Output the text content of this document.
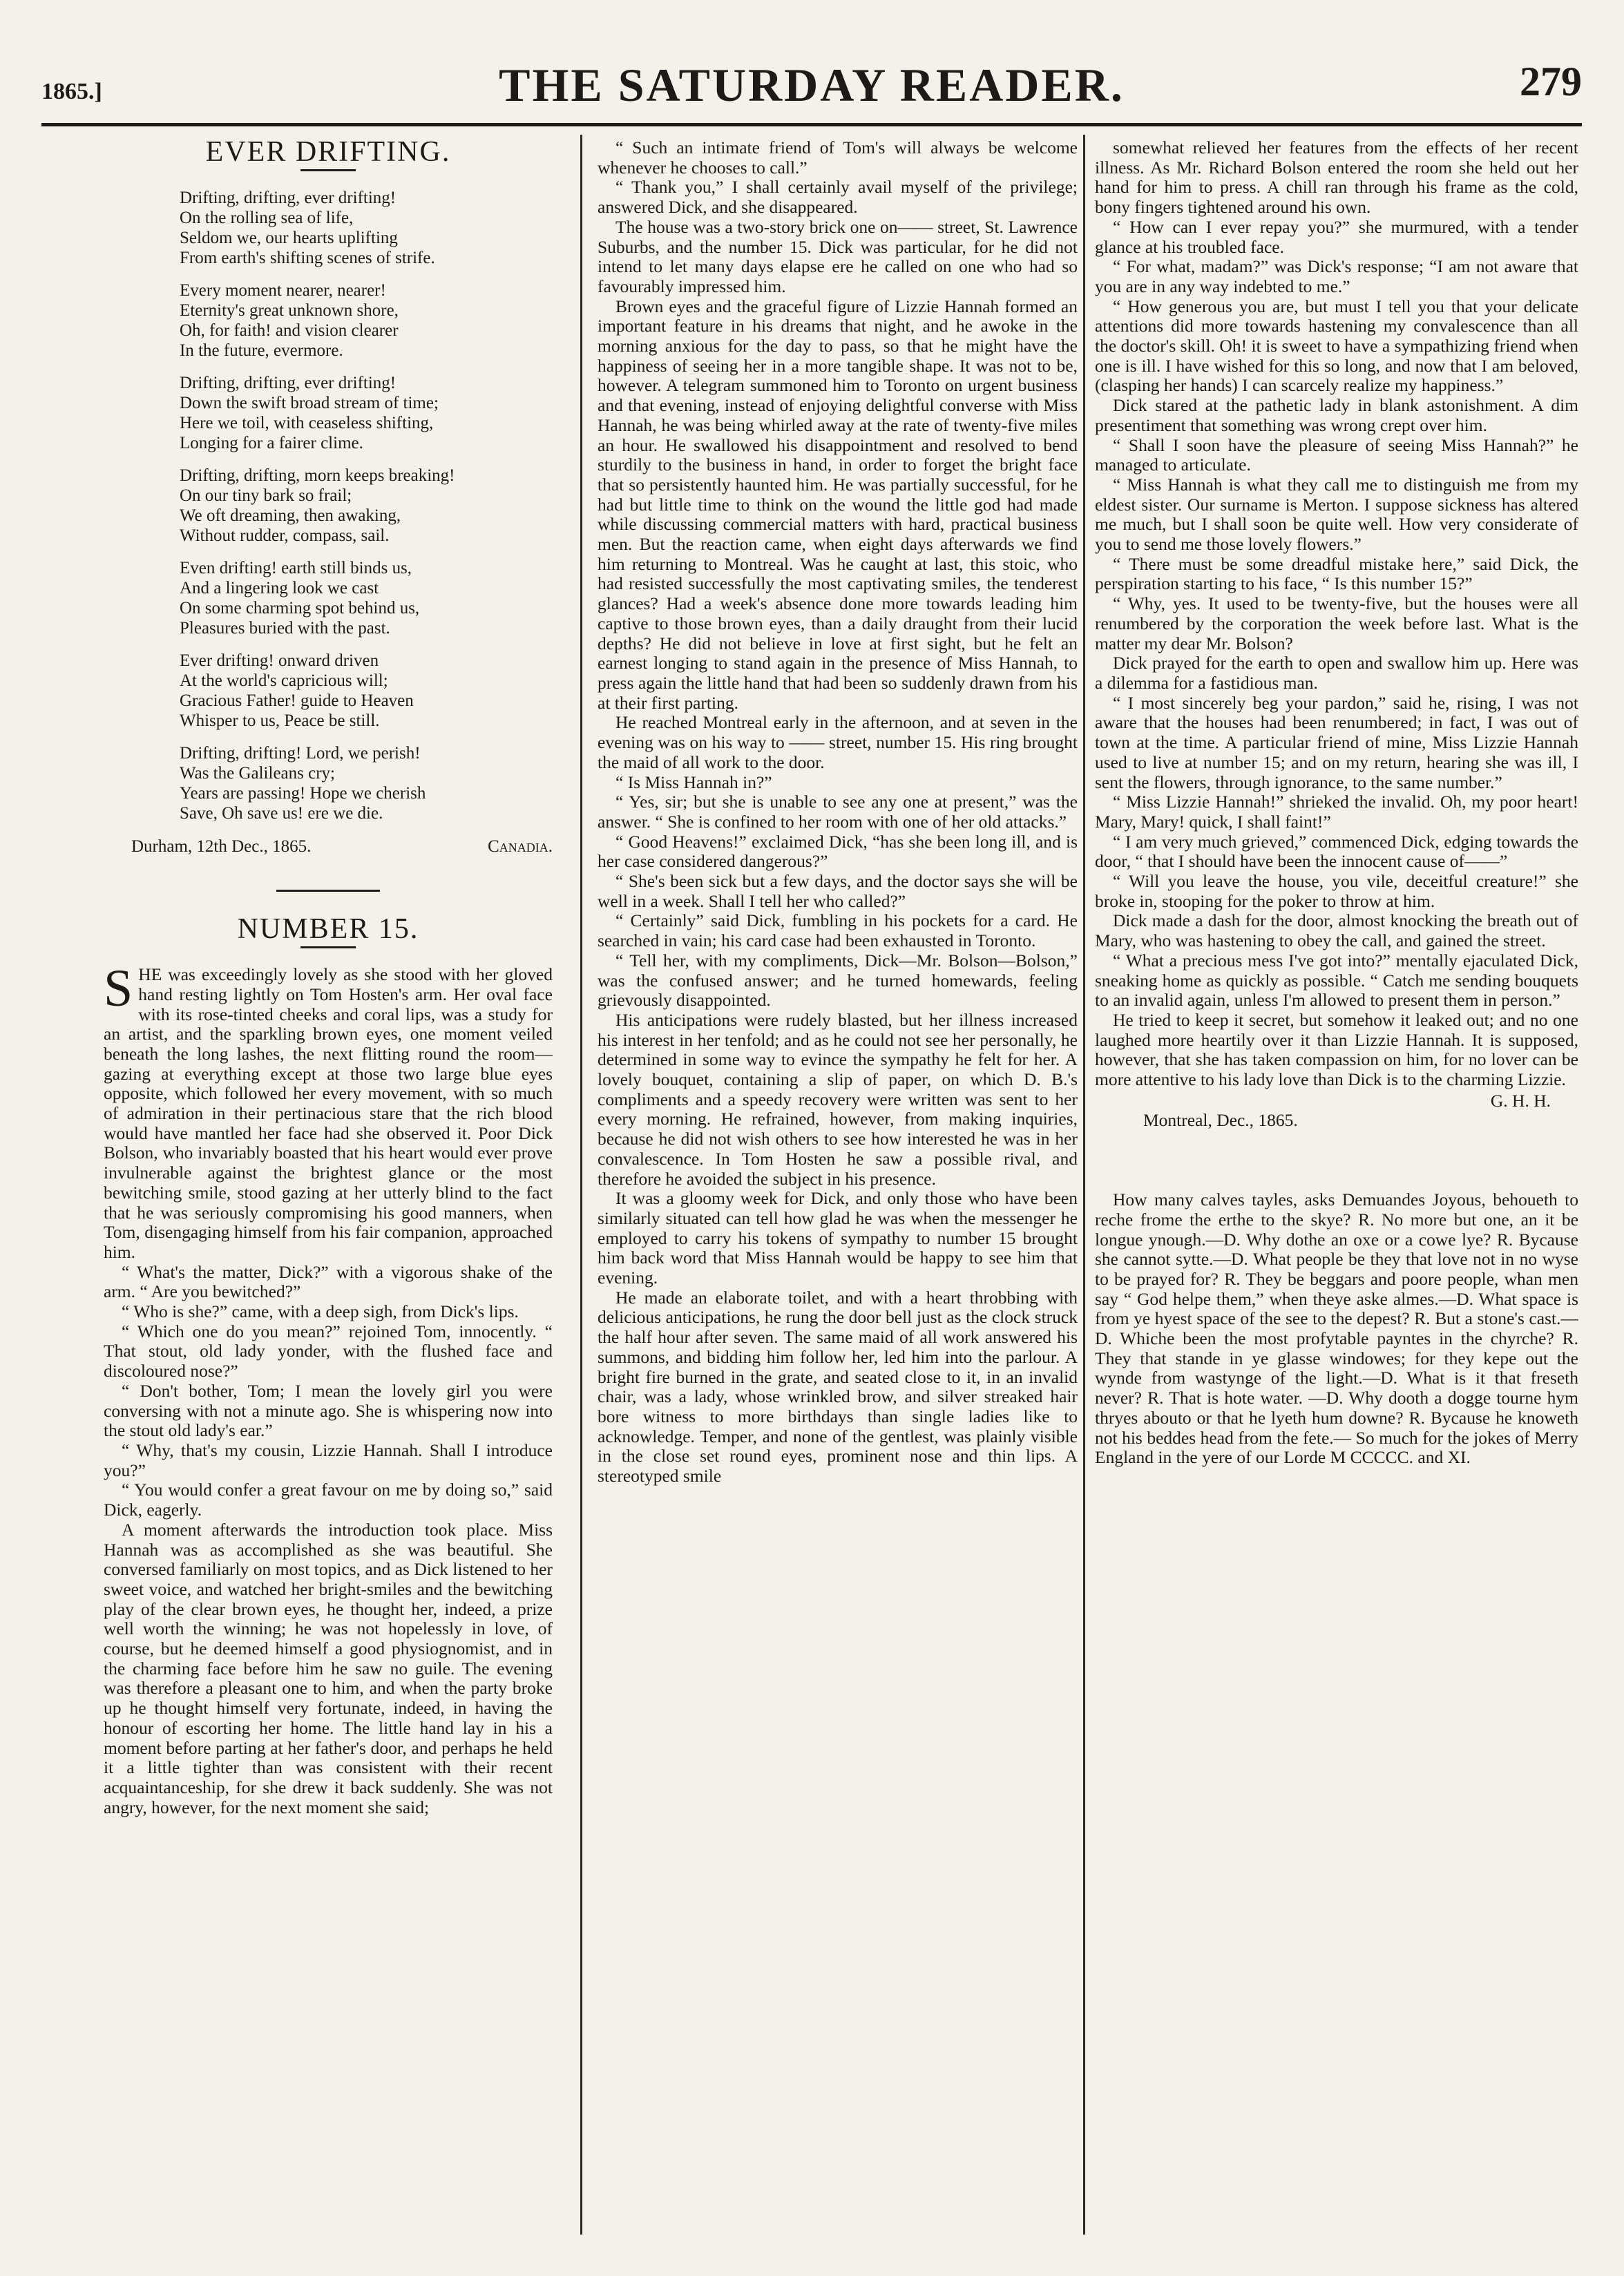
1865.]	THE SATURDAY READER.	279
EVER DRIFTING.
Drifting, drifting, ever drifting!
On the rolling sea of life,
Seldom we, our hearts uplifting
From earth's shifting scenes of strife.
Every moment nearer, nearer!
Eternity's great unknown shore,
Oh, for faith! and vision clearer
In the future, evermore.
Drifting, drifting, ever drifting!
Down the swift broad stream of time;
Here we toil, with ceaseless shifting,
Longing for a fairer clime.
Drifting, drifting, morn keeps breaking!
On our tiny bark so frail;
We oft dreaming, then awaking,
Without rudder, compass, sail.
Even drifting! earth still binds us,
And a lingering look we cast
On some charming spot behind us,
Pleasures buried with the past.
Ever drifting! onward driven
At the world's capricious will;
Gracious Father! guide to Heaven
Whisper to us, Peace be still.
Drifting, drifting! Lord, we perish!
Was the Galileans cry;
Years are passing! Hope we cherish
Save, Oh save us! ere we die.
Durham, 12th Dec., 1865.	Canadia.
NUMBER 15.

SHE was exceedingly lovely as she stood with her gloved hand resting lightly on Tom Hosten's arm. Her oval face with its rose-tinted cheeks and coral lips, was a study for an artist, and the sparkling brown eyes, one moment veiled beneath the long lashes, the next flitting round the room—gazing at everything except at those two large blue eyes opposite, which followed her every movement, with so much of admiration in their pertinacious stare that the rich blood would have mantled her face had she observed it. Poor Dick Bolson, who invariably boasted that his heart would ever prove invulnerable against the brightest glance or the most bewitching smile, stood gazing at her utterly blind to the fact that he was seriously compromising his good manners, when Tom, disengaging himself from his fair companion, approached him.

“ What's the matter, Dick?” with a vigorous shake of the arm. “ Are you bewitched?”

“ Who is she?” came, with a deep sigh, from Dick's lips.

“ Which one do you mean?” rejoined Tom, innocently. “ That stout, old lady yonder, with the flushed face and discoloured nose?”

“ Don't bother, Tom; I mean the lovely girl you were conversing with not a minute ago. She is whispering now into the stout old lady's ear.”

“ Why, that's my cousin, Lizzie Hannah. Shall I introduce you?”

“ You would confer a great favour on me by doing so,” said Dick, eagerly.

A moment afterwards the introduction took place. Miss Hannah was as accomplished as she was beautiful. She conversed familiarly on most topics, and as Dick listened to her sweet voice, and watched her bright-smiles and the bewitching play of the clear brown eyes, he thought her, indeed, a prize well worth the winning; he was not hopelessly in love, of course, but he deemed himself a good physiognomist, and in the charming face before him he saw no guile. The evening was therefore a pleasant one to him, and when the party broke up he thought himself very fortunate, indeed, in having the honour of escorting her home. The little hand lay in his a moment before parting at her father's door, and perhaps he held it a little tighter than was consistent with their recent acquaintanceship, for she drew it back suddenly. She was not angry, however, for the next moment she said;

“ Such an intimate friend of Tom's will always be welcome whenever he chooses to call.”

“ Thank you,” I shall certainly avail myself of the privilege; answered Dick, and she disappeared.

The house was a two-story brick one on—— street, St. Lawrence Suburbs, and the number 15. Dick was particular, for he did not intend to let many days elapse ere he called on one who had so favourably impressed him.

Brown eyes and the graceful figure of Lizzie Hannah formed an important feature in his dreams that night, and he awoke in the morning anxious for the day to pass, so that he might have the happiness of seeing her in a more tangible shape. It was not to be, however. A telegram summoned him to Toronto on urgent business and that evening, instead of enjoying delightful converse with Miss Hannah, he was being whirled away at the rate of twenty-five miles an hour. He swallowed his disappointment and resolved to bend sturdily to the business in hand, in order to forget the bright face that so persistently haunted him. He was partially successful, for he had but little time to think on the wound the little god had made while discussing commercial matters with hard, practical business men. But the reaction came, when eight days afterwards we find him returning to Montreal. Was he caught at last, this stoic, who had resisted successfully the most captivating smiles, the tenderest glances? Had a week's absence done more towards leading him captive to those brown eyes, than a daily draught from their lucid depths? He did not believe in love at first sight, but he felt an earnest longing to stand again in the presence of Miss Hannah, to press again the little hand that had been so suddenly drawn from his at their first parting.

He reached Montreal early in the afternoon, and at seven in the evening was on his way to —— street, number 15. His ring brought the maid of all work to the door.

“ Is Miss Hannah in?”

“ Yes, sir; but she is unable to see any one at present,” was the answer. “ She is confined to her room with one of her old attacks.”

“ Good Heavens!” exclaimed Dick, “has she been long ill, and is her case considered dangerous?”

“ She's been sick but a few days, and the doctor says she will be well in a week. Shall I tell her who called?”

“ Certainly” said Dick, fumbling in his pockets for a card. He searched in vain; his card case had been exhausted in Toronto.

“ Tell her, with my compliments, Dick—Mr. Bolson—Bolson,” was the confused answer; and he turned homewards, feeling grievously disappointed.

His anticipations were rudely blasted, but her illness increased his interest in her tenfold; and as he could not see her personally, he determined in some way to evince the sympathy he felt for her. A lovely bouquet, containing a slip of paper, on which D. B.'s compliments and a speedy recovery were written was sent to her every morning. He refrained, however, from making inquiries, because he did not wish others to see how interested he was in her convalescence. In Tom Hosten he saw a possible rival, and therefore he avoided the subject in his presence.

It was a gloomy week for Dick, and only those who have been similarly situated can tell how glad he was when the messenger he employed to carry his tokens of sympathy to number 15 brought him back word that Miss Hannah would be happy to see him that evening.

He made an elaborate toilet, and with a heart throbbing with delicious anticipations, he rung the door bell just as the clock struck the half hour after seven. The same maid of all work answered his summons, and bidding him follow her, led him into the parlour. A bright fire burned in the grate, and seated close to it, in an invalid chair, was a lady, whose wrinkled brow, and silver streaked hair bore witness to more birthdays than single ladies like to acknowledge. Temper, and none of the gentlest, was plainly visible in the close set round eyes, prominent nose and thin lips. A stereotyped smile

somewhat relieved her features from the effects of her recent illness. As Mr. Richard Bolson entered the room she held out her hand for him to press. A chill ran through his frame as the cold, bony fingers tightened around his own.

“ How can I ever repay you?” she murmured, with a tender glance at his troubled face.

“ For what, madam?” was Dick's response; “I am not aware that you are in any way indebted to me.”

“ How generous you are, but must I tell you that your delicate attentions did more towards hastening my convalescence than all the doctor's skill. Oh! it is sweet to have a sympathizing friend when one is ill. I have wished for this so long, and now that I am beloved, (clasping her hands) I can scarcely realize my happiness.”

Dick stared at the pathetic lady in blank astonishment. A dim presentiment that something was wrong crept over him.

“ Shall I soon have the pleasure of seeing Miss Hannah?” he managed to articulate.

“ Miss Hannah is what they call me to distinguish me from my eldest sister. Our surname is Merton. I suppose sickness has altered me much, but I shall soon be quite well. How very considerate of you to send me those lovely flowers.”

“ There must be some dreadful mistake here,” said Dick, the perspiration starting to his face, “ Is this number 15?”

“ Why, yes. It used to be twenty-five, but the houses were all renumbered by the corporation the week before last. What is the matter my dear Mr. Bolson?

Dick prayed for the earth to open and swallow him up. Here was a dilemma for a fastidious man.

“ I most sincerely beg your pardon,” said he, rising, I was not aware that the houses had been renumbered; in fact, I was out of town at the time. A particular friend of mine, Miss Lizzie Hannah used to live at number 15; and on my return, hearing she was ill, I sent the flowers, through ignorance, to the same number.”

“ Miss Lizzie Hannah!” shrieked the invalid. Oh, my poor heart! Mary, Mary! quick, I shall faint!”

“ I am very much grieved,” commenced Dick, edging towards the door, “ that I should have been the innocent cause of——”

“ Will you leave the house, you vile, deceitful creature!” she broke in, stooping for the poker to throw at him.

Dick made a dash for the door, almost knocking the breath out of Mary, who was hastening to obey the call, and gained the street.

“ What a precious mess I've got into?” mentally ejaculated Dick, sneaking home as quickly as possible. “ Catch me sending bouquets to an invalid again, unless I'm allowed to present them in person.”

He tried to keep it secret, but somehow it leaked out; and no one laughed more heartily over it than Lizzie Hannah. It is supposed, however, that she has taken compassion on him, for no lover can be more attentive to his lady love than Dick is to the charming Lizzie.

G. H. H.

Montreal, Dec., 1865.

How many calves tayles, asks Demuandes Joyous, behoueth to reche frome the erthe to the skye? R. No more but one, an it be longue ynough.—D. Why dothe an oxe or a cowe lye? R. Bycause she cannot sytte.—D. What people be they that love not in no wyse to be prayed for? R. They be beggars and poore people, whan men say “ God helpe them,” when theye aske almes.—D. What space is from ye hyest space of the see to the depest? R. But a stone's cast.—D. Whiche been the most profytable payntes in the chyrche? R. They that stande in ye glasse windowes; for they kepe out the wynde from wastynge of the light.—D. What is it that freseth never? R. That is hote water. —D. Why dooth a dogge tourne hym thryes abouto or that he lyeth hum downe? R. Bycause he knoweth not his beddes head from the fete.— So much for the jokes of Merry England in the yere of our Lorde M CCCCC. and XI.
